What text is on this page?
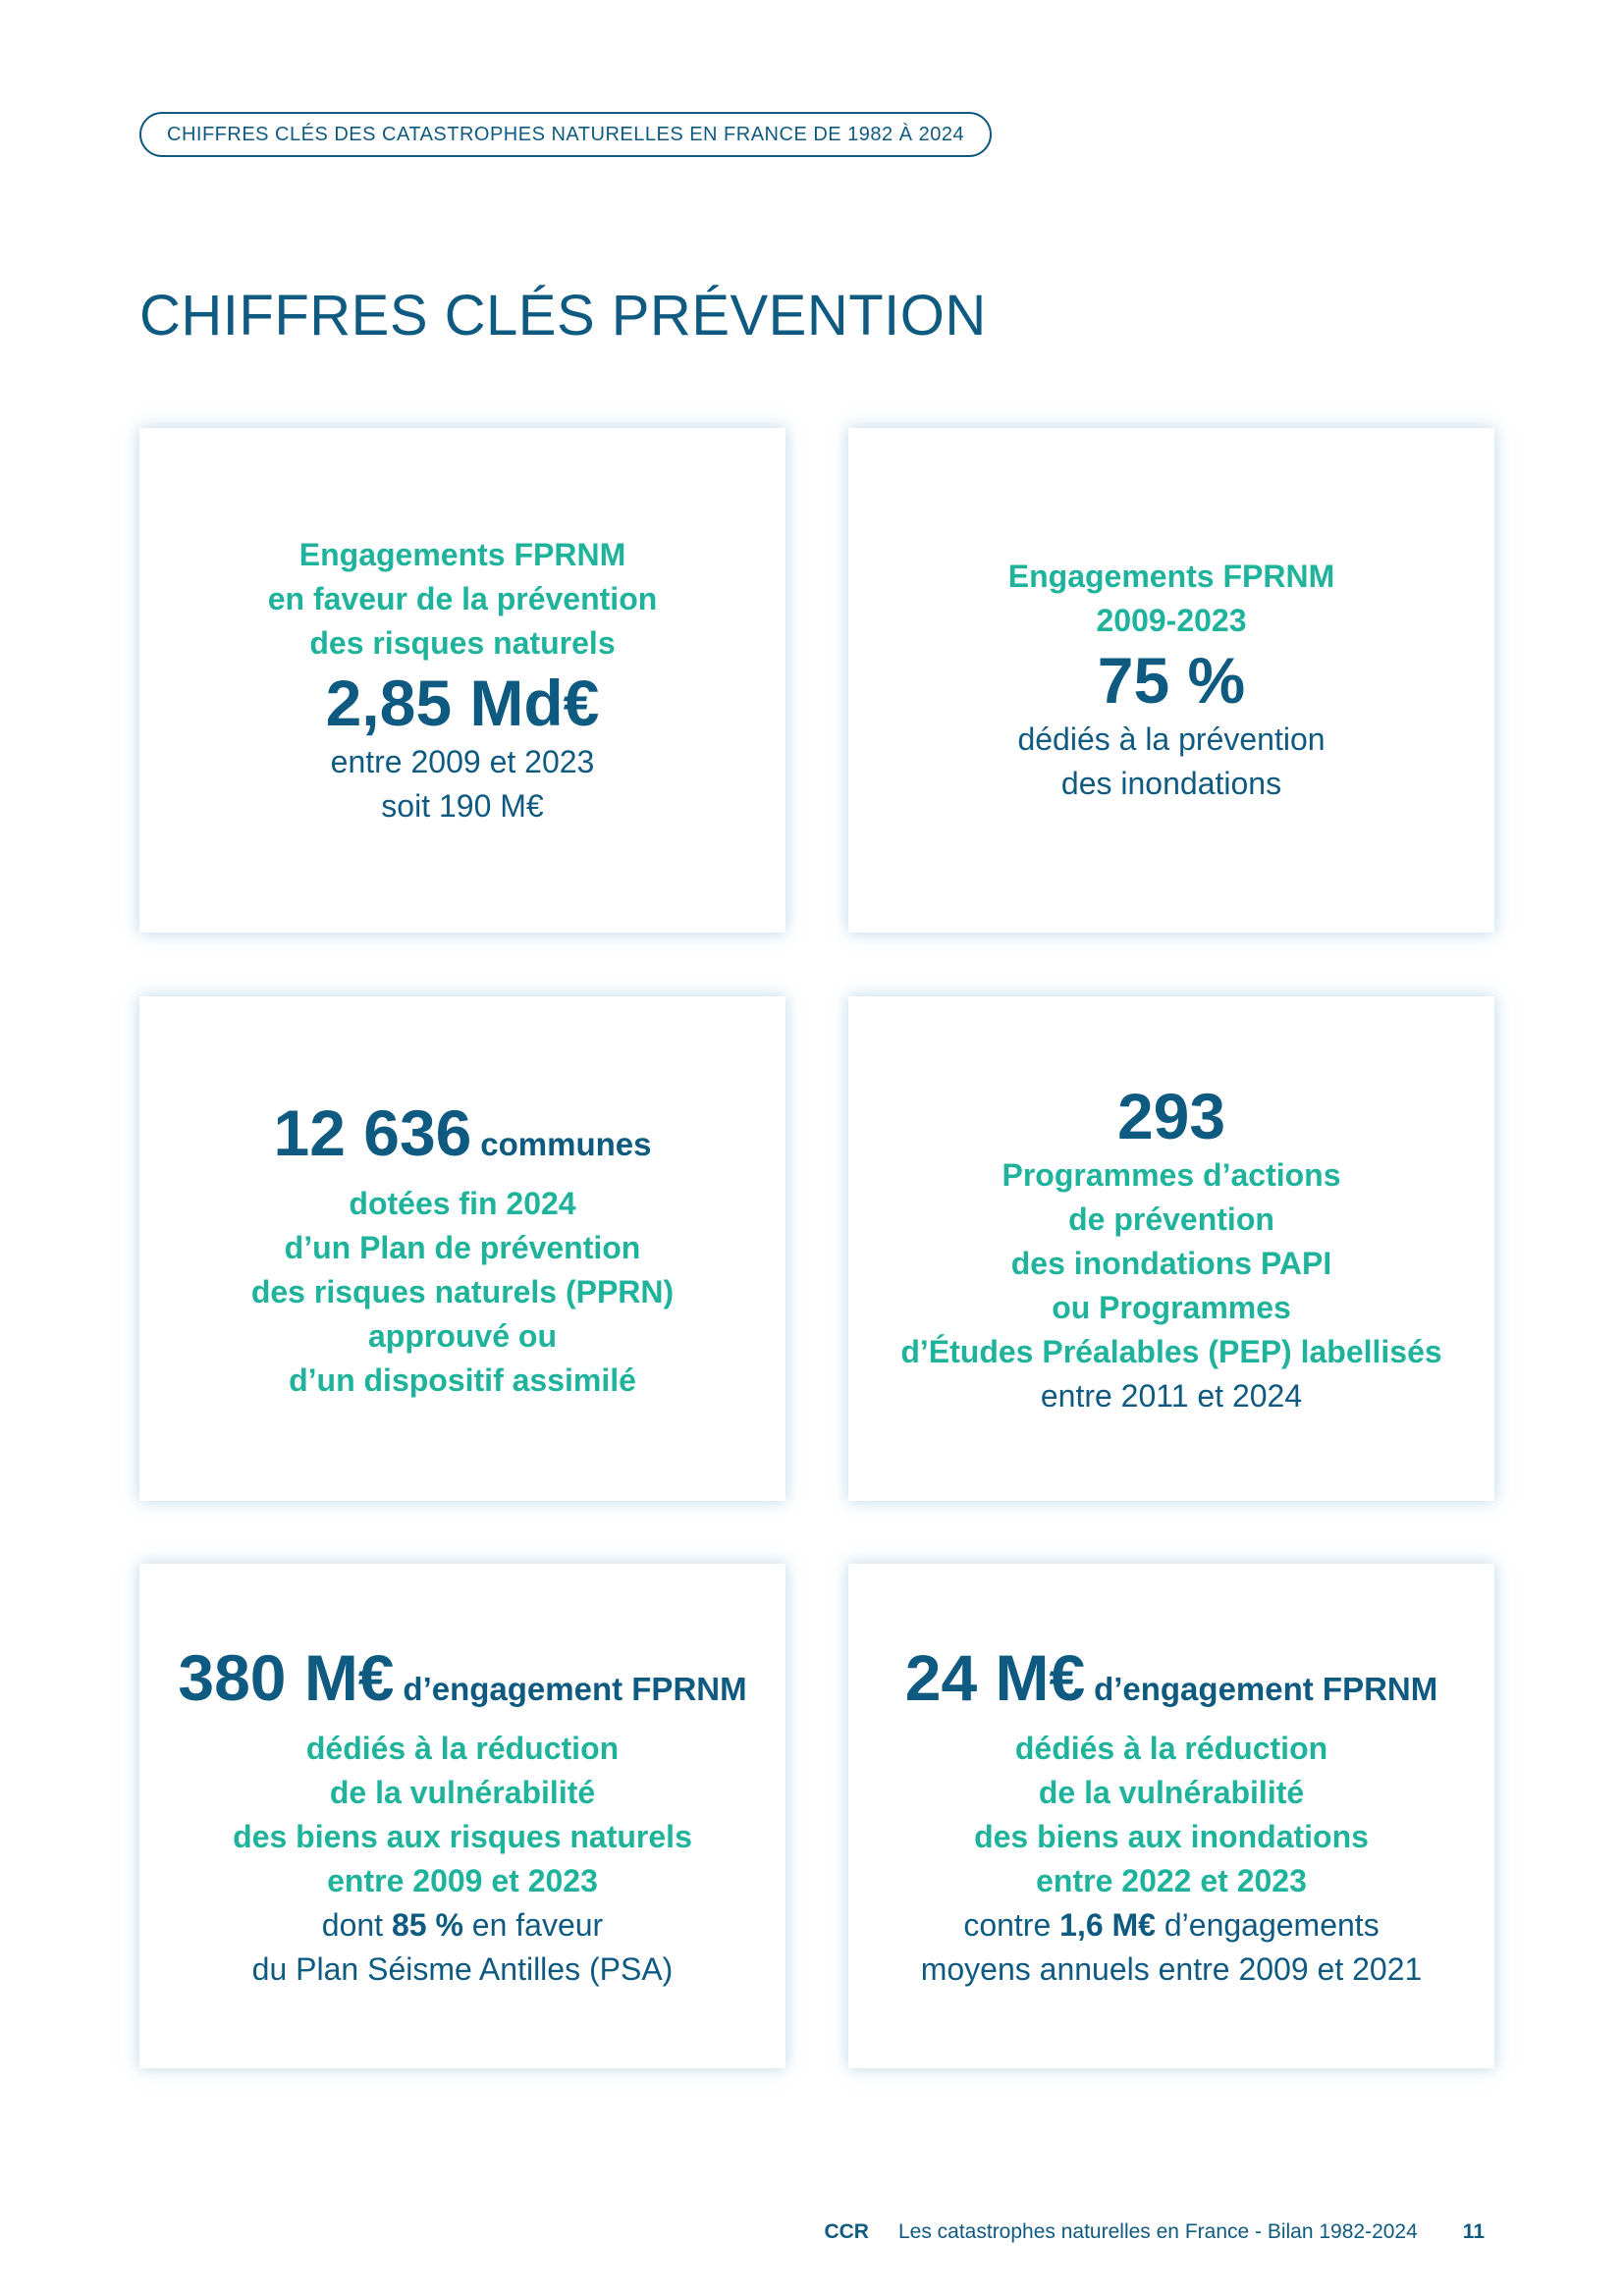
CHIFFRES CLÉS DES CATASTROPHES NATURELLES EN FRANCE DE 1982 À 2024
CHIFFRES CLÉS PRÉVENTION
Engagements FPRNM
en faveur de la prévention
des risques naturels
2,85 Md€
entre 2009 et 2023
soit 190 M€
Engagements FPRNM
2009-2023
75 %
dédiés à la prévention
des inondations
12 636 communes
dotées fin 2024
d’un Plan de prévention
des risques naturels (PPRN)
approuvé ou
d’un dispositif assimilé
293
Programmes d’actions
de prévention
des inondations PAPI
ou Programmes
d’Études Préalables (PEP) labellisés
entre 2011 et 2024
380 M€ d’engagement FPRNM
dédiés à la réduction
de la vulnérabilité
des biens aux risques naturels
entre 2009 et 2023
dont 85 % en faveur
du Plan Séisme Antilles (PSA)
24 M€ d’engagement FPRNM
dédiés à la réduction
de la vulnérabilité
des biens aux inondations
entre 2022 et 2023
contre 1,6 M€ d’engagements
moyens annuels entre 2009 et 2021
CCR Les catastrophes naturelles en France - Bilan 1982-2024 11
